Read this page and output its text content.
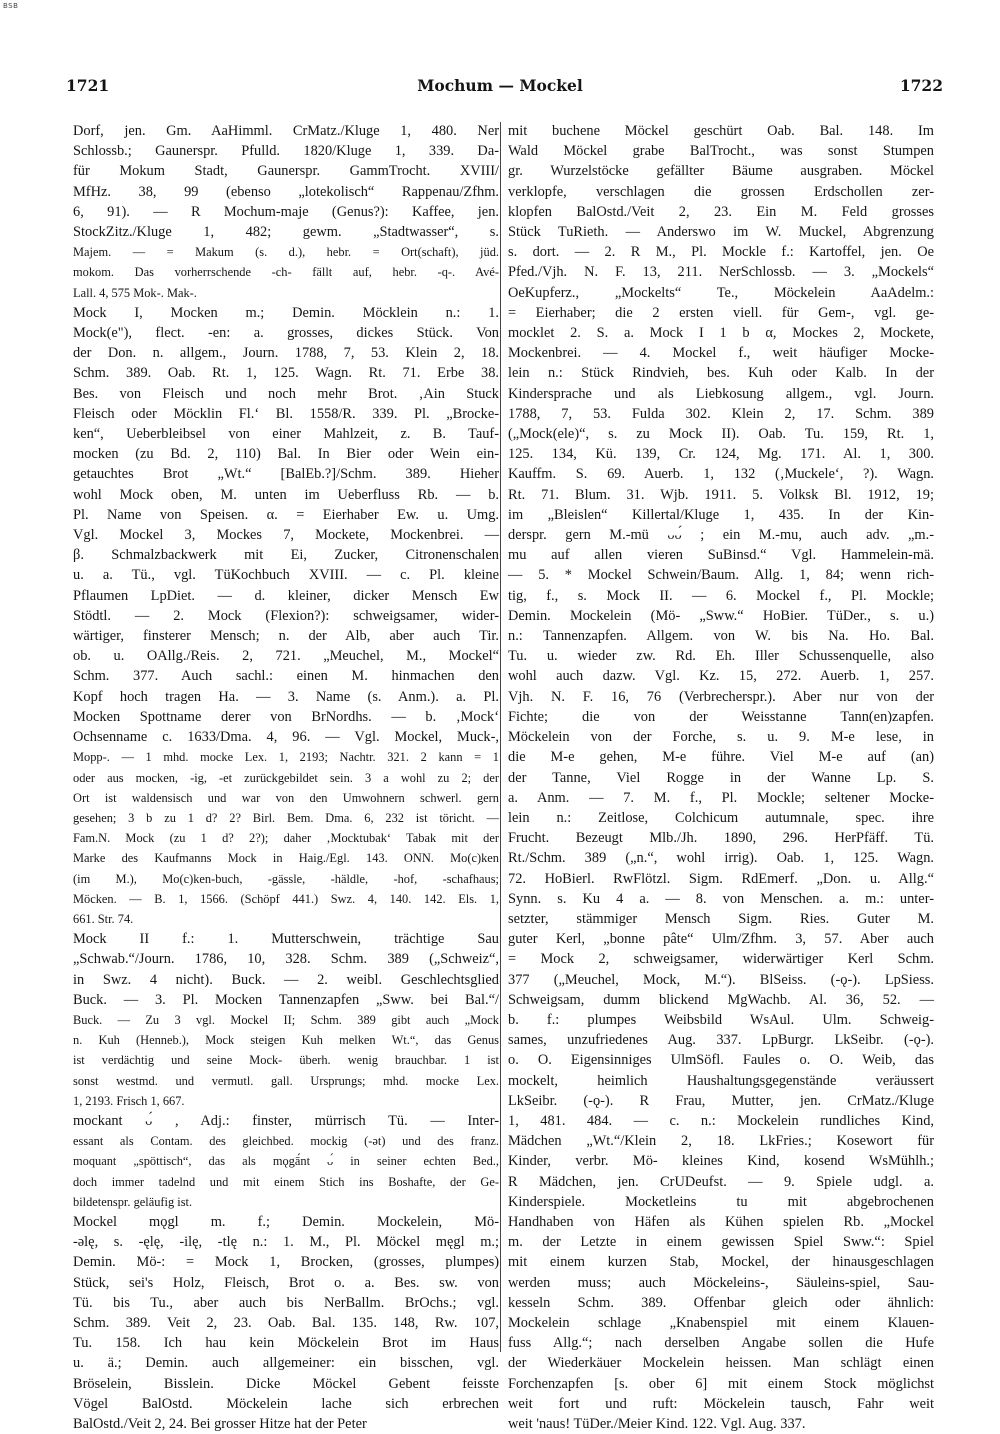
BSB
1721	Mochum — Mockel	1722
Dorf, jen. Gm. AaHimml. CrMatz./Kluge 1, 480. Ner
Schlossb.; Gaunerspr. Pfulld. 1820/Kluge 1, 339. Da-
für Mokum Stadt, Gaunerspr. GammTrocht. XVIII/
MfHz. 38, 99 (ebenso „lotekolisch“ Rappenau/Zfhm.
6, 91). — R Mochum-maje (Genus?): Kaffee, jen.
StockZitz./Kluge 1, 482; gewm. „Stadtwasser“, s.
Majem. — = Makum (s. d.), hebr. = Ort(schaft), jüd.
mokom. Das vorherrschende -ch- fällt auf, hebr. -q-. Avé-
Lall. 4, 575 Mok-. Mak-.
Mock I, Mocken m.; Demin. Möcklein n.: 1.
Mock(e"), flect. -en: a. grosses, dickes Stück. Von
der Don. n. allgem., Journ. 1788, 7, 53. Klein 2, 18.
Schm. 389. Oab. Rt. 1, 125. Wagn. Rt. 71. Erbe 38.
Bes. von Fleisch und noch mehr Brot. ‚Ain Stuck
Fleisch oder Möcklin Fl.‘ Bl. 1558/R. 339. Pl. „Brocke-
ken“, Ueberbleibsel von einer Mahlzeit, z. B. Tauf-
mocken (zu Bd. 2, 110) Bal. In Bier oder Wein ein-
getauchtes Brot „Wt.“ [BalEb.?]/Schm. 389. Hieher
wohl Mock oben, M. unten im Ueberfluss Rb. — b.
Pl. Name von Speisen. α. = Eierhaber Ew. u. Umg.
Vgl. Mockel 3, Mockes 7, Mockete, Mockenbrei. —
β. Schmalzbackwerk mit Ei, Zucker, Citronenschalen
u. a. Tü., vgl. TüKochbuch XVIII. — c. Pl. kleine
Pflaumen LpDiet. — d. kleiner, dicker Mensch Ew
Stödtl. — 2. Mock (Flexion?): schweigsamer, wider-
wärtiger, finsterer Mensch; n. der Alb, aber auch Tir.
ob. u. OAllg./Reis. 2, 721. „Meuchel, M., Mockel“
Schm. 377. Auch sachl.: einen M. hinmachen den
Kopf hoch tragen Ha. — 3. Name (s. Anm.). a. Pl.
Mocken Spottname derer von BrNordhs. — b. ‚Mock‘
Ochsenname c. 1633/Dma. 4, 96. — Vgl. Mockel, Muck-,
Mopp-. — 1 mhd. mocke Lex. 1, 2193; Nachtr. 321. 2 kann = 1
oder aus mocken, -ig, -et zurückgebildet sein. 3 a wohl zu 2; der
Ort ist waldensisch und war von den Umwohnern schwerl. gern
gesehen; 3 b zu 1 d? 2? Birl. Bem. Dma. 6, 232 ist töricht. —
Fam.N. Mock (zu 1 d? 2?); daher ‚Mocktubak‘ Tabak mit der
Marke des Kaufmanns Mock in Haig./Egl. 143. ONN. Mo(c)ken
(im M.), Mo(c)ken-buch, -gässle, -häldle, -hof, -schafhaus;
Möcken. — B. 1, 1566. (Schöpf 441.) Swz. 4, 140. 142. Els. 1,
661. Str. 74.
Mock II f.: 1. Mutterschwein, trächtige Sau
„Schwab.“/Journ. 1786, 10, 328. Schm. 389 („Schweiz“,
in Swz. 4 nicht). Buck. — 2. weibl. Geschlechtsglied
Buck. — 3. Pl. Mocken Tannenzapfen „Sww. bei Bal.“/
Buck. — Zu 3 vgl. Mockel II; Schm. 389 gibt auch „Mock
n. Kuh (Henneb.), Mock steigen Kuh melken Wt.“, das Genus
ist verdächtig und seine Mock- überh. wenig brauchbar. 1 ist
sonst westmd. und vermutl. gall. Ursprungs; mhd. mocke Lex.
1, 2193. Frisch 1, 667.
mockant ᴗ́ , Adj.: finster, mürrisch Tü. — Inter-
essant als Contam. des gleichbed. mockig (-ət) und des franz.
moquant „spöttisch“, das als mǫgā́nt ᴗ́ in seiner echten Bed.,
doch immer tadelnd und mit einem Stich ins Boshafte, der Ge-
bildetenspr. geläufig ist.
Mockel mǫgl m. f.; Demin. Mockelein, Mö-
-əlę, s. -ęlę, -ilę, -tlę n.: 1. M., Pl. Möckel męgl m.;
Demin. Mö-: = Mock 1, Brocken, (grosses, plumpes)
Stück, sei's Holz, Fleisch, Brot o. a. Bes. sw. von
Tü. bis Tu., aber auch bis NerBallm. BrOchs.; vgl.
Schm. 389. Veit 2, 23. Oab. Bal. 135. 148, Rw. 107,
Tu. 158. Ich hau kein Möckelein Brot im Haus
u. ä.; Demin. auch allgemeiner: ein bisschen, vgl.
Bröselein, Bisslein. Dicke Möckel Gebent feisste
Vögel BalOstd. Möckelein lache sich erbrechen
BalOstd./Veit 2, 24. Bei grosser Hitze hat der Peter
mit buchene Möckel geschürt Oab. Bal. 148. Im
Wald Möckel grabe BalTrocht., was sonst Stumpen
gr. Wurzelstöcke gefällter Bäume ausgraben. Möckel
verklopfe, verschlagen die grossen Erdschollen zer-
klopfen BalOstd./Veit 2, 23. Ein M. Feld grosses
Stück TuRieth. — Anderswo im W. Muckel, Abgrenzung
s. dort. — 2. R M., Pl. Mockle f.: Kartoffel, jen. Oe
Pfed./Vjh. N. F. 13, 211. NerSchlossb. — 3. „Mockels“
OeKupferz., „Mockelts“ Te., Möckelein AaAdelm.:
= Eierhaber; die 2 ersten viell. für Gem-, vgl. ge-
mocklet 2. S. a. Mock I 1 b α, Mockes 2, Mockete,
Mockenbrei. — 4. Mockel f., weit häufiger Mocke-
lein n.: Stück Rindvieh, bes. Kuh oder Kalb. In der
Kindersprache und als Liebkosung allgem., vgl. Journ.
1788, 7, 53. Fulda 302. Klein 2, 17. Schm. 389
(„Mock(ele)“, s. zu Mock II). Oab. Tu. 159, Rt. 1,
125. 134, Kü. 139, Cr. 124, Mg. 171. Al. 1, 300.
Kauffm. S. 69. Auerb. 1, 132 (‚Muckele‘, ?). Wagn.
Rt. 71. Blum. 31. Wjb. 1911. 5. Volksk Bl. 1912, 19;
im „Bleislen“ Killertal/Kluge 1, 435. In der Kin-
derspr. gern M.-mü ᴗᴗ́ ; ein M.-mu, auch adv. „m.-
mu auf allen vieren SuBinsd.“ Vgl. Hammelein-mä.
— 5. * Mockel Schwein/Baum. Allg. 1, 84; wenn rich-
tig, f., s. Mock II. — 6. Mockel f., Pl. Mockle;
Demin. Mockelein (Mö- „Sww.“ HoBier. TüDer., s. u.)
n.: Tannenzapfen. Allgem. von W. bis Na. Ho. Bal.
Tu. u. wieder zw. Rd. Eh. Iller Schussenquelle, also
wohl auch dazw. Vgl. Kz. 15, 272. Auerb. 1, 257.
Vjh. N. F. 16, 76 (Verbrecherspr.). Aber nur von der
Fichte; die von der Weisstanne Tann(en)zapfen.
Möckelein von der Forche, s. u. 9. M-e lese, in
die M-e gehen, M-e führe. Viel M-e auf (an)
der Tanne, Viel Rogge in der Wanne Lp. S.
a. Anm. — 7. M. f., Pl. Mockle; seltener Mocke-
lein n.: Zeitlose, Colchicum autumnale, spec. ihre
Frucht. Bezeugt Mlb./Jh. 1890, 296. HerPfäff. Tü.
Rt./Schm. 389 („n.“, wohl irrig). Oab. 1, 125. Wagn.
72. HoBierl. RwFlötzl. Sigm. RdEmerf. „Don. u. Allg.“
Synn. s. Ku 4 a. — 8. von Menschen. a. m.: unter-
setzter, stämmiger Mensch Sigm. Ries. Guter M.
guter Kerl, „bonne pâte“ Ulm/Zfhm. 3, 57. Aber auch
= Mock 2, schweigsamer, widerwärtiger Kerl Schm.
377 („Meuchel, Mock, M.“). BlSeiss. (-ǫ-). LpSiess.
Schweigsam, dumm blickend MgWachb. Al. 36, 52. —
b. f.: plumpes Weibsbild WsAul. Ulm. Schweig-
sames, unzufriedenes Aug. 337. LpBurgr. LkSeibr. (-ǫ-).
o. O. Eigensinniges UlmSöfl. Faules o. O. Weib, das
mockelt, heimlich Haushaltungsgegenstände veräussert
LkSeibr. (-ǫ-). R Frau, Mutter, jen. CrMatz./Kluge
1, 481. 484. — c. n.: Mockelein rundliches Kind,
Mädchen „Wt.“/Klein 2, 18. LkFries.; Kosewort für
Kinder, verbr. Mö- kleines Kind, kosend WsMühlh.;
R Mädchen, jen. CrUDeufst. — 9. Spiele udgl. a.
Kinderspiele. Mocketleins tu mit abgebrochenen
Handhaben von Häfen als Kühen spielen Rb. „Mockel
m. der Letzte in einem gewissen Spiel Sww.“: Spiel
mit einem kurzen Stab, Mockel, der hinausgeschlagen
werden muss; auch Möckeleins-, Säuleins-spiel, Sau-
kesseln Schm. 389. Offenbar gleich oder ähnlich:
Mockelein schlage „Knabenspiel mit einem Klauen-
fuss Allg.“; nach derselben Angabe sollen die Hufe
der Wiederkäuer Mockelein heissen. Man schlägt einen
Forchenzapfen [s. ober 6] mit einem Stock möglichst
weit fort und ruft: Möckelein tausch, Fahr weit
weit 'naus! TüDer./Meier Kind. 122. Vgl. Aug. 337.
